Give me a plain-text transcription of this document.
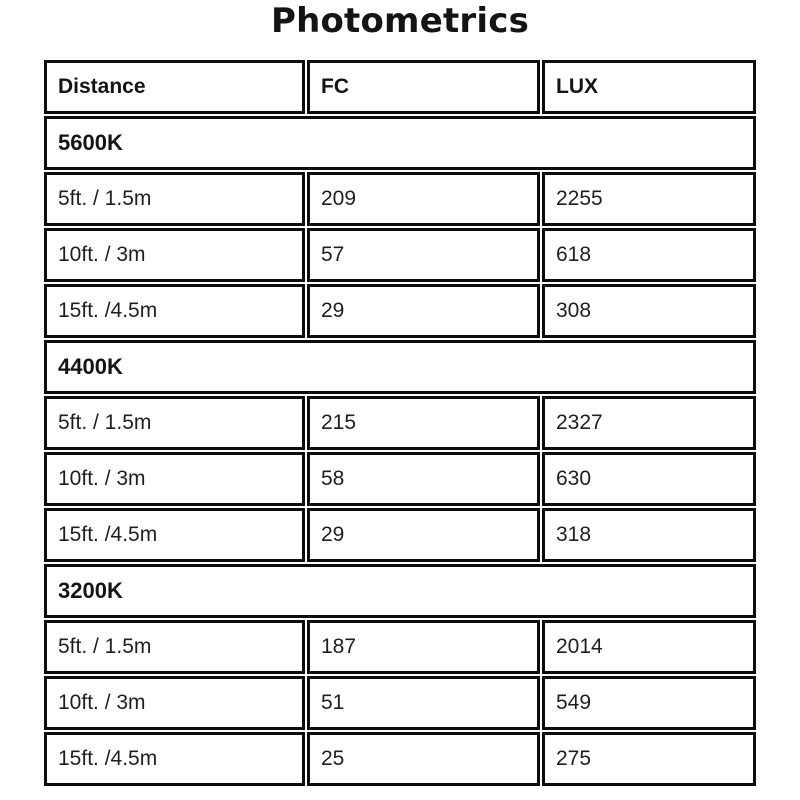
Photometrics
Distance	FC	LUX
5600K		
5ft. / 1.5m	209	2255
10ft. / 3m	57	618
15ft. /4.5m	29	308
4400K		
5ft. / 1.5m	215	2327
10ft. / 3m	58	630
15ft. /4.5m	29	318
3200K		
5ft. / 1.5m	187	2014
10ft. / 3m	51	549
15ft. /4.5m	25	275
